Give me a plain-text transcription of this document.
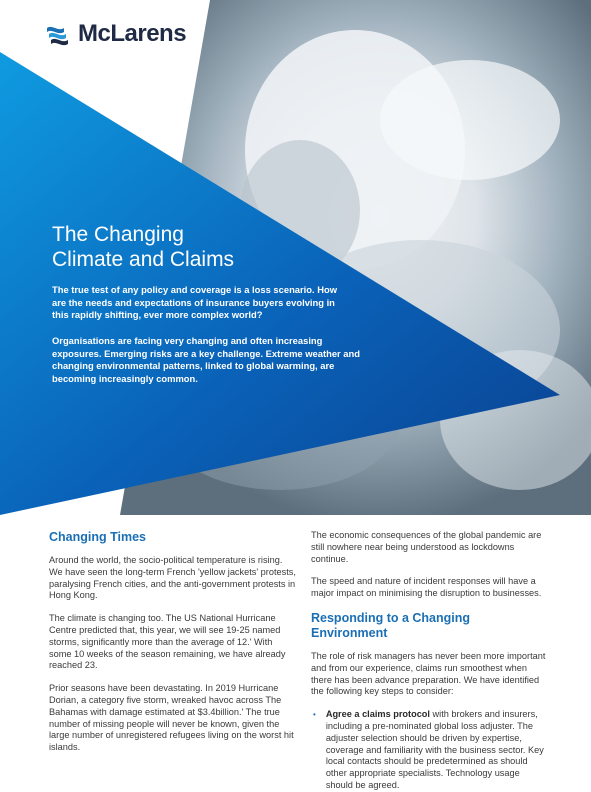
McLarens
The Changing
Climate and Claims

The true test of any policy and coverage is a loss scenario. How are the needs and expectations of insurance buyers evolving in this rapidly shifting, ever more complex world?

Organisations are facing very changing and often increasing exposures. Emerging risks are a key challenge. Extreme weather and changing environmental patterns, linked to global warming, are becoming increasingly common.

Changing Times

Around the world, the socio-political temperature is rising. We have seen the long-term French 'yellow jackets' protests, paralysing French cities, and the anti-government protests in Hong Kong.

The climate is changing too. The US National Hurricane Centre predicted that, this year, we will see 19-25 named storms, significantly more than the average of 12.' With some 10 weeks of the season remaining, we have already reached 23.

Prior seasons have been devastating. In 2019 Hurricane Dorian, a category five storm, wreaked havoc across The Bahamas with damage estimated at $3.4billion.' The true number of missing people will never be known, given the large number of unregistered refugees living on the worst hit islands.

The economic consequences of the global pandemic are still nowhere near being understood as lockdowns continue.

The speed and nature of incident responses will have a major impact on minimising the disruption to businesses.

Responding to a Changing Environment

The role of risk managers has never been more important and from our experience, claims run smoothest when there has been advance preparation. We have identified the following key steps to consider:

• Agree a claims protocol with brokers and insurers, including a pre-nominated global loss adjuster. The adjuster selection should be driven by expertise, coverage and familiarity with the business sector. Key local contacts should be predetermined as should other appropriate specialists. Technology usage should be agreed.
